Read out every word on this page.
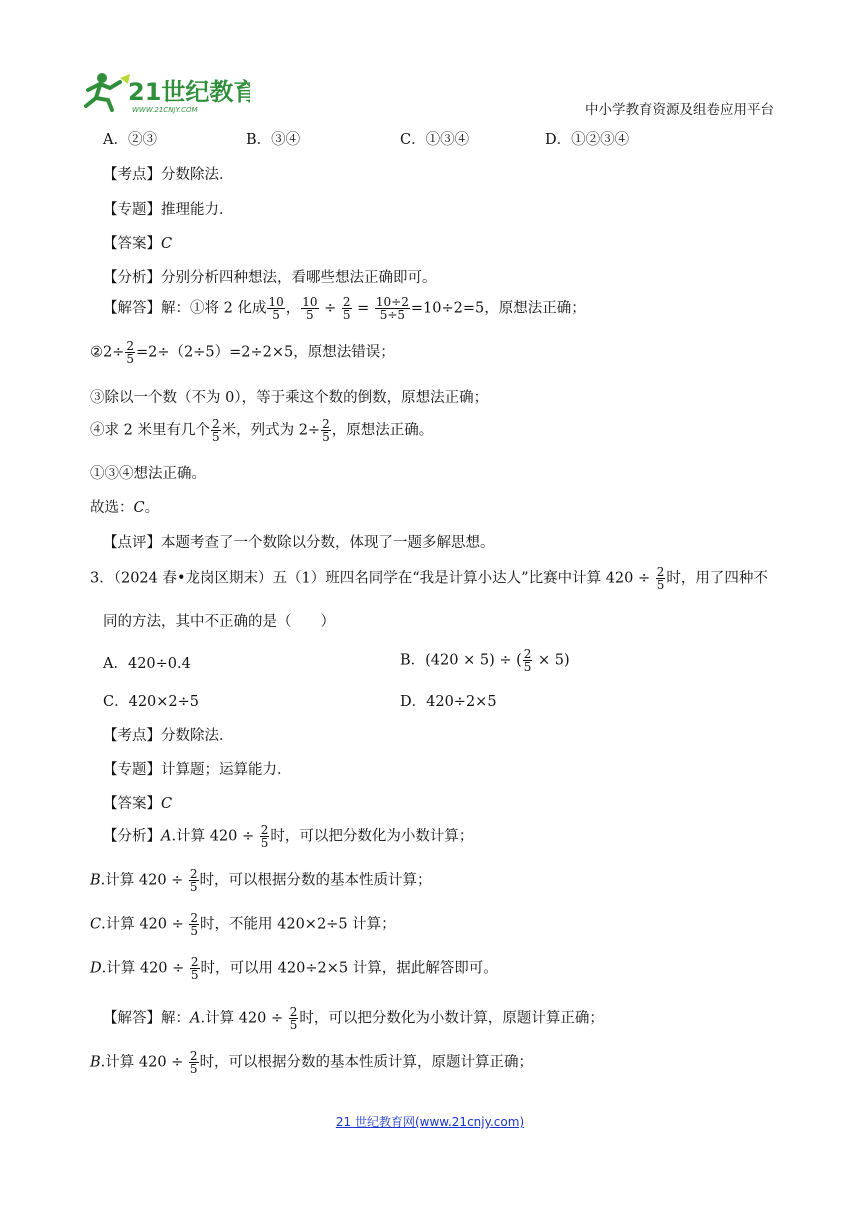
21世纪教育
WWW.21CNJY.COM	中小学教育资源及组卷应用平台
A．②③	B．③④	C．①③④	D．①②③④
【考点】分数除法．
【专题】推理能力．
【答案】C
【分析】分别分析四种想法，看哪些想法正确即可。
【解答】解：①将 2 化成 $\frac{10}{5}$ ， $\frac{10}{5} \div \frac{2}{5} = \frac{10\div 2}{5\div 5} =10\div 2=5$，原想法正确；
②2÷ $\frac{2}{5} =2\div(2\div 5)=2\div 2\times 5$，原想法错误；
③除以一个数（不为 0），等于乘这个数的倒数，原想法正确；
④求 2 米里有几个 $\frac{2}{5}$ 米，列式为 $2\div \frac{2}{5}$ ，原想法正确。
①③④想法正确。
故选：C。
【点评】本题考查了一个数除以分数，体现了一题多解思想。
3．（2024 春•龙岗区期末）五（1）班四名同学在“我是计算小达人”比赛中计算 $420 \div \frac{2}{5}$ 时，用了四种不
同的方法，其中不正确的是（　　）
A．420÷0.4	B．(420 × 5) ÷ ( $\frac{2}{5} \times 5$)
C．420×2÷5	D．420÷2×5
【考点】分数除法．
【专题】计算题；运算能力．
【答案】C
【分析】A.计算 $420 \div \frac{2}{5}$ 时，可以把分数化为小数计算；
B.计算 $420 \div \frac{2}{5}$ 时，可以根据分数的基本性质计算；
C.计算 $420 \div \frac{2}{5}$ 时，不能用 420×2÷5 计算；
D.计算 $420 \div \frac{2}{5}$ 时，可以用 420÷2×5 计算，据此解答即可。
【解答】解：A.计算 $420 \div \frac{2}{5}$ 时，可以把分数化为小数计算，原题计算正确；
B.计算 $420 \div \frac{2}{5}$ 时，可以根据分数的基本性质计算，原题计算正确；
21 世纪教育网(www.21cnjy.com)
